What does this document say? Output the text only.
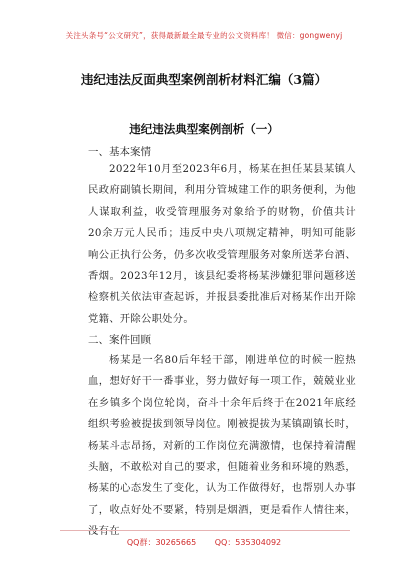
关注头条号“公文研究”，获得最新最全最专业的公文资料库！ 微信：gongwenyj
违纪违法反面典型案例剖析材料汇编（3篇）
违纪违法典型案例剖析（一）
一、基本案情
2022年10月至2023年6月，杨某在担任某县某镇人民政府副镇长期间，利用分管城建工作的职务便利，为他人谋取利益，收受管理服务对象给予的财物，价值共计20余万元人民币；违反中央八项规定精神，明知可能影响公正执行公务，仍多次收受管理服务对象所送茅台酒、香烟。2023年12月，该县纪委将杨某涉嫌犯罪问题移送检察机关依法审查起诉，并报县委批准后对杨某作出开除党籍、开除公职处分。
二、案件回顾
杨某是一名80后年轻干部，刚进单位的时候一腔热血，想好好干一番事业，努力做好每一项工作，兢兢业业在乡镇多个岗位轮岗，奋斗十余年后终于在2021年底经组织考验被提拔到领导岗位。刚被提拔为某镇副镇长时，杨某斗志昂扬，对新的工作岗位充满激情，也保持着清醒头脑，不敢松对自己的要求，但随着业务和环境的熟悉，杨某的心态发生了变化，认为工作做得好，也帮别人办事了，收点好处不要紧，特别是烟酒，更是看作人情往来，没有在
QQ群：30265665 QQ：535304092
